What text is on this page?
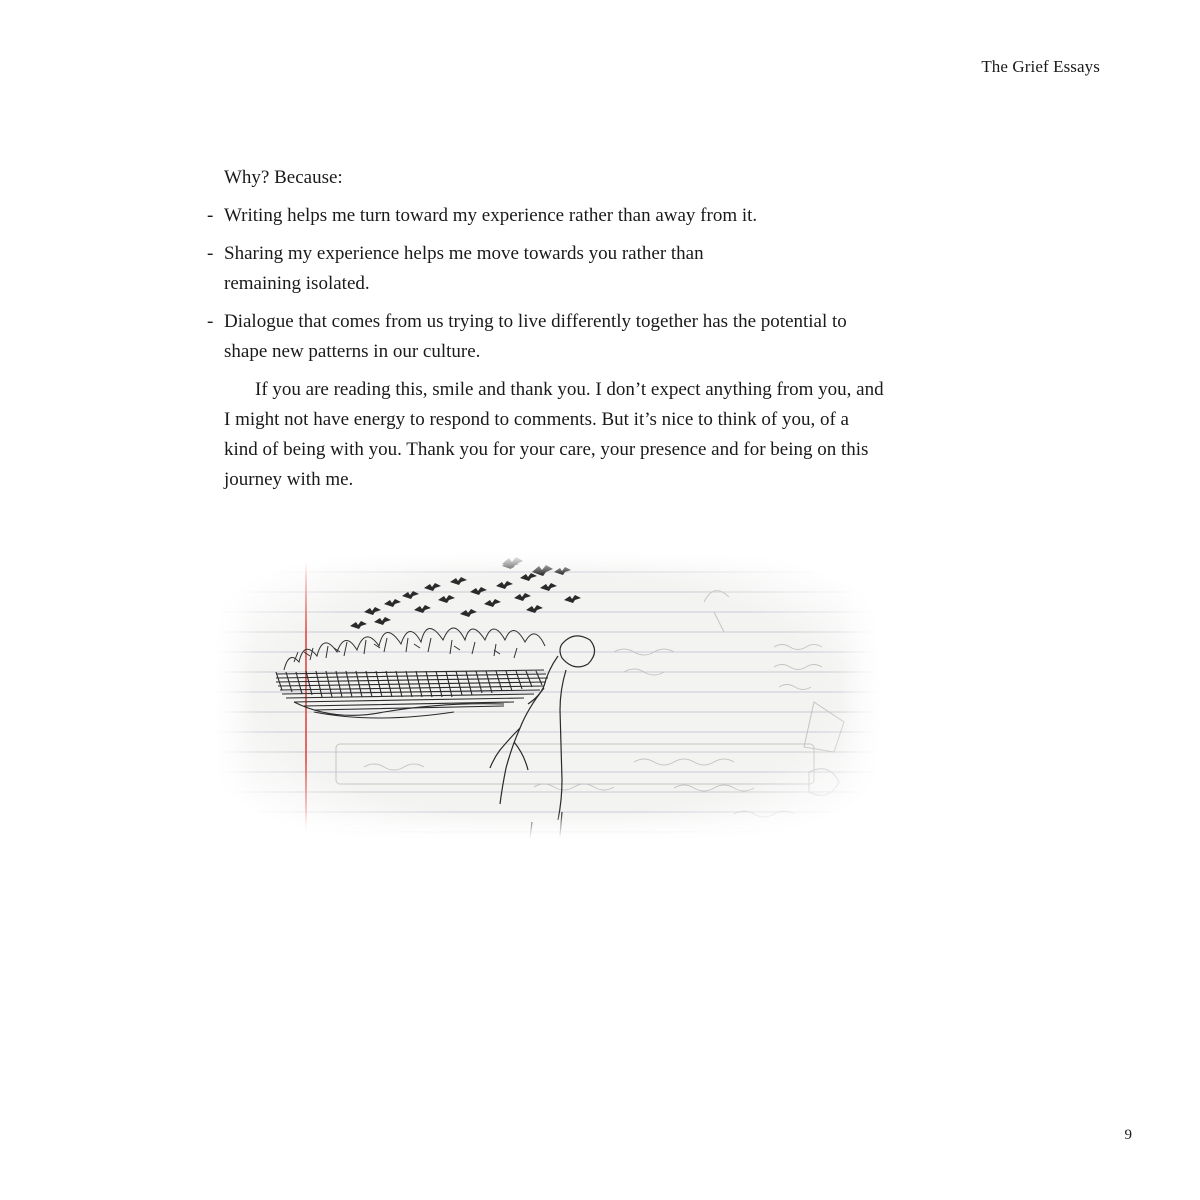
The Grief Essays

Why? Because:

- Writing helps me turn toward my experience rather than away from it.
- Sharing my experience helps me move towards you rather than remaining isolated.
- Dialogue that comes from us trying to live differently together has the potential to shape new patterns in our culture.

If you are reading this, smile and thank you. I don’t expect anything from you, and I might not have energy to respond to comments. But it’s nice to think of you, of a kind of being with you. Thank you for your care, your presence and for being on this journey with me.

9
